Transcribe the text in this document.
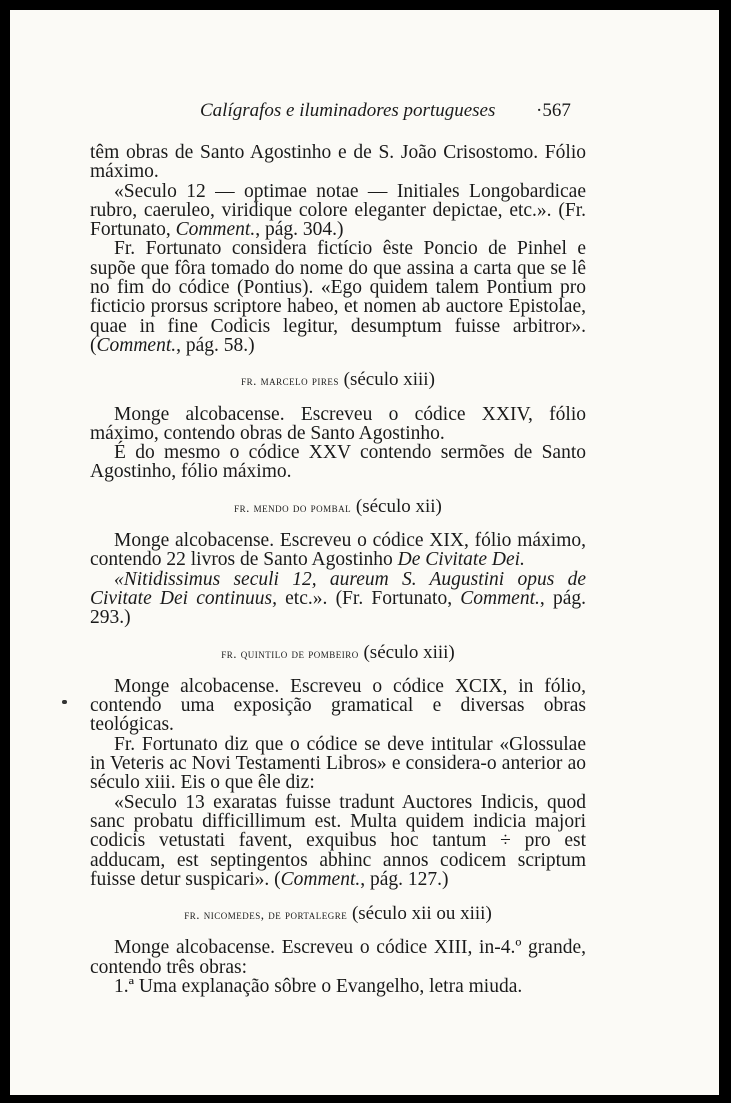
Calígrafos e iluminadores portugueses ·567

têm obras de Santo Agostinho e de S. João Crisostomo. Fólio máximo.

«Seculo 12 — optimae notae — Initiales Longobardicae rubro, caeruleo, viridique colore eleganter depictae, etc.». (Fr. Fortunato, Comment., pág. 304.)

Fr. Fortunato considera fictício êste Poncio de Pinhel e supõe que fôra tomado do nome do que assina a carta que se lê no fim do códice (Pontius). «Ego quidem talem Pontium pro ficticio prorsus scriptore habeo, et nomen ab auctore Epistolae, quae in fine Codicis legitur, desumptum fuisse arbitror». (Comment., pág. 58.)

fr. marcelo pires (século xiii)

Monge alcobacense. Escreveu o códice XXIV, fólio máximo, contendo obras de Santo Agostinho.

É do mesmo o códice XXV contendo sermões de Santo Agostinho, fólio máximo.

fr. mendo do pombal (século xii)

Monge alcobacense. Escreveu o códice XIX, fólio máximo, contendo 22 livros de Santo Agostinho De Civitate Dei.

«Nitidissimus seculi 12, aureum S. Augustini opus de Civitate Dei continuus, etc.». (Fr. Fortunato, Comment., pág. 293.)

fr. quintilo de pombeiro (século xiii)

Monge alcobacense. Escreveu o códice XCIX, in fólio, contendo uma exposição gramatical e diversas obras teológicas.

Fr. Fortunato diz que o códice se deve intitular «Glossulae in Veteris ac Novi Testamenti Libros» e considera-o anterior ao século xiii. Eis o que êle diz:

«Seculo 13 exaratas fuisse tradunt Auctores Indicis, quod sanc probatu difficillimum est. Multa quidem indicia majori codicis vetustati favent, exquibus hoc tantum ÷ pro est adducam, est septingentos abhinc annos codicem scriptum fuisse detur suspicari». (Comment., pág. 127.)

fr. nicomedes, de portalegre (século xii ou xiii)

Monge alcobacense. Escreveu o códice XIII, in-4.º grande, contendo três obras:

1.ª Uma explanação sôbre o Evangelho, letra miuda.
